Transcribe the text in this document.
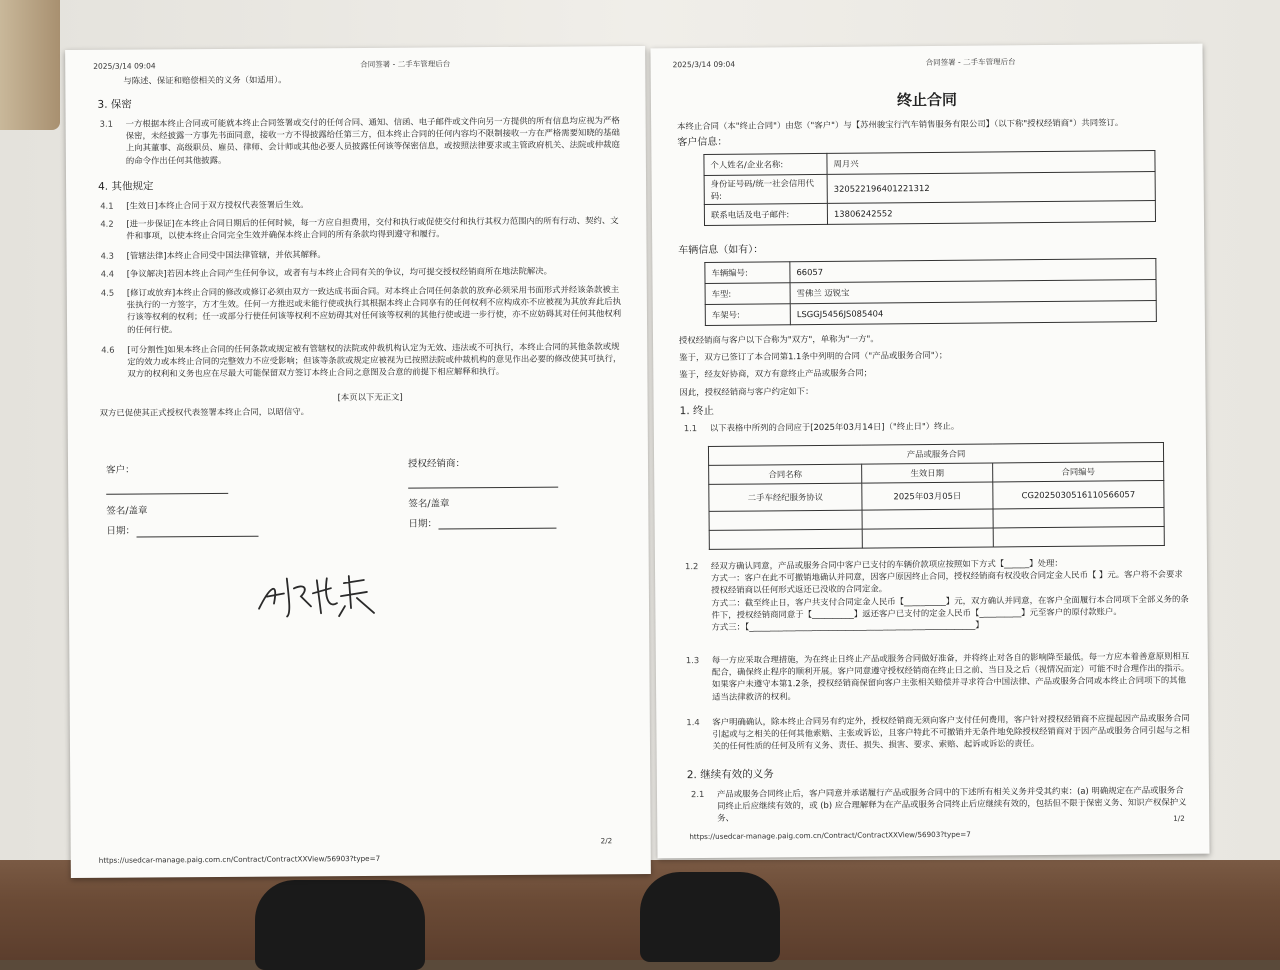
2025/3/14 09:04	合同签署 - 二手车管理后台
与陈述、保证和赔偿相关的义务（如适用）。
3. 保密
3.1	一方根据本终止合同或可能就本终止合同签署或交付的任何合同、通知、信函、电子邮件或文件向另一方提供的所有信息均应视为严格保密，未经披露一方事先书面同意，接收一方不得披露给任第三方，但本终止合同的任何内容均不限制接收一方在严格需要知晓的基础上向其董事、高级职员、雇员、律师、会计师或其他必要人员披露任何该等保密信息，或按照法律要求或主管政府机关、法院或仲裁庭的命令作出任何其他披露。
4. 其他规定
4.1	[生效日]本终止合同于双方授权代表签署后生效。
4.2	[进一步保证]在本终止合同日期后的任何时候，每一方应自担费用，交付和执行或促使交付和执行其权力范围内的所有行动、契约、文件和事项，以使本终止合同完全生效并确保本终止合同的所有条款均得到遵守和履行。
4.3	[管辖法律]本终止合同受中国法律管辖，并依其解释。
4.4	[争议解决]若因本终止合同产生任何争议，或者有与本终止合同有关的争议，均可提交授权经销商所在地法院解决。
4.5	[修订或放弃]本终止合同的修改或修订必须由双方一致达成书面合同。对本终止合同任何条款的放弃必须采用书面形式并经该条款被主张执行的一方签字，方才生效。任何一方推迟或未能行使或执行其根据本终止合同享有的任何权利不应构成亦不应被视为其放弃此后执行该等权利的权利；任一或部分行使任何该等权利不应妨碍其对任何该等权利的其他行使或进一步行使，亦不应妨碍其对任何其他权利的任何行使。
4.6	[可分割性]如果本终止合同的任何条款或规定被有管辖权的法院或仲裁机构认定为无效、违法或不可执行，本终止合同的其他条款或规定的效力或本终止合同的完整效力不应受影响；但该等条款或规定应被视为已按照法院或仲裁机构的意见作出必要的修改使其可执行，双方的权利和义务也应在尽最大可能保留双方签订本终止合同之意图及合意的前提下相应解释和执行。
[本页以下无正文]
双方已促使其正式授权代表签署本终止合同，以昭信守。
客户：
签名/盖章
日期：
授权经销商：
签名/盖章
日期：
2/2
https://usedcar-manage.paig.com.cn/Contract/ContractXXView/56903?type=7
2025/3/14 09:04	合同签署 - 二手车管理后台
终止合同
本终止合同（本"终止合同"）由您（"客户"）与【苏州骏宝行汽车销售服务有限公司】（以下称"授权经销商"）共同签订。
客户信息：
个人姓名/企业名称:	周月兴
身份证号码/统一社会信用代码:	320522196401221312
联系电话及电子邮件:	13806242552
车辆信息（如有）：
车辆编号:	66057
车型:	雪佛兰 迈锐宝
车架号:	LSGGJ5456JS085404
授权经销商与客户以下合称为"双方"，单称为"一方"。
鉴于，双方已签订了本合同第1.1条中列明的合同（"产品或服务合同"）；
鉴于，经友好协商，双方有意终止产品或服务合同；
因此，授权经销商与客户约定如下：
1. 终止
1.1	以下表格中所列的合同应于[2025年03月14日]（"终止日"）终止。
产品或服务合同		
合同名称	生效日期	合同编号
二手车经纪服务协议	2025年03月05日	CG2025030516110566057

1.2	经双方确认同意，产品或服务合同中客户已支付的车辆价款项应按照如下方式【______】处理：
方式一：客户在此不可撤销地确认并同意，因客户原因终止合同，授权经销商有权没收合同定金人民币【 】元。客户将不会要求授权经销商以任何形式返还已没收的合同定金。
方式二：截至终止日，客户共支付合同定金人民币【__________】元，双方确认并同意，在客户全面履行本合同项下全部义务的条件下，授权经销商同意于【__________】返还客户已支付的定金人民币【__________】元至客户的原付款账户。
方式三：【______________________________________________________】
1.3	每一方应采取合理措施，为在终止日终止产品或服务合同做好准备，并将终止对各自的影响降至最低。每一方应本着善意原则相互配合，确保终止程序的顺利开展。客户同意遵守授权经销商在终止日之前、当日及之后（视情况而定）可能不时合理作出的指示。如果客户未遵守本第1.2条，授权经销商保留向客户主张相关赔偿并寻求符合中国法律、产品或服务合同或本终止合同项下的其他适当法律救济的权利。
1.4	客户明确确认，除本终止合同另有约定外，授权经销商无须向客户支付任何费用，客户针对授权经销商不应提起因产品或服务合同引起或与之相关的任何其他索赔、主张或诉讼，且客户特此不可撤销并无条件地免除授权经销商对于因产品或服务合同引起与之相关的任何性质的任何及所有义务、责任、损失、损害、要求、索赔、起诉或诉讼的责任。
2. 继续有效的义务
2.1	产品或服务合同终止后，客户同意并承诺履行产品或服务合同中的下述所有相关义务并受其约束：(a) 明确规定在产品或服务合同终止后应继续有效的，或 (b) 应合理解释为在产品或服务合同终止后应继续有效的，包括但不限于保密义务、知识产权保护义务、	1/2
https://usedcar-manage.paig.com.cn/Contract/ContractXXView/56903?type=7
